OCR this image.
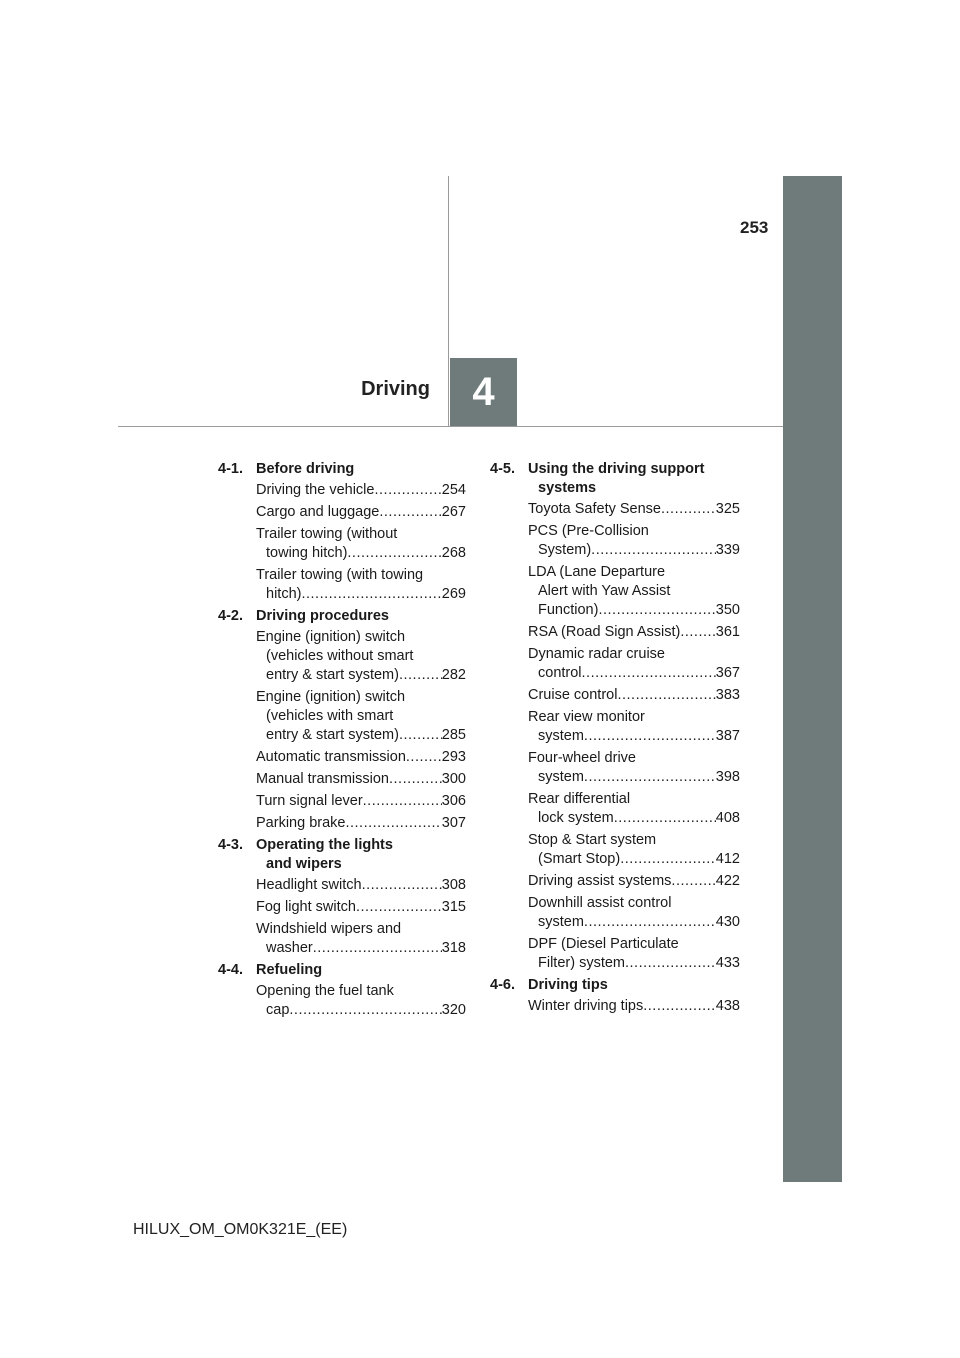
253
Driving 4
4-1. Before driving
Driving the vehicle .....	254
Cargo and luggage .....	267
Trailer towing (without
towing hitch) .....	268
Trailer towing (with towing
hitch) .....	269
4-2. Driving procedures
Engine (ignition) switch
(vehicles without smart
entry & start system) .....	282
Engine (ignition) switch
(vehicles with smart
entry & start system) .....	285
Automatic transmission ..... 293
Manual transmission .....	300
Turn signal lever .....	306
Parking brake .....	307
4-3. Operating the lights
and wipers
Headlight switch .....	308
Fog light switch .....	315
Windshield wipers and
washer .....	318
4-4. Refueling
Opening the fuel tank
cap .....	320
4-5. Using the driving support
systems
Toyota Safety Sense .....	325
PCS (Pre-Collision
System) .....	339
LDA (Lane Departure
Alert with Yaw Assist
Function) .....	350
RSA (Road Sign Assist) ..... 361
Dynamic radar cruise
control .....	367
Cruise control .....	383
Rear view monitor
system .....	387
Four-wheel drive
system .....	398
Rear differential
lock system .....	408
Stop & Start system
(Smart Stop) .....	412
Driving assist systems .....	422
Downhill assist control
system .....	430
DPF (Diesel Particulate
Filter) system .....	433
4-6. Driving tips
Winter driving tips .....	438
HILUX_OM_OM0K321E_(EE)
